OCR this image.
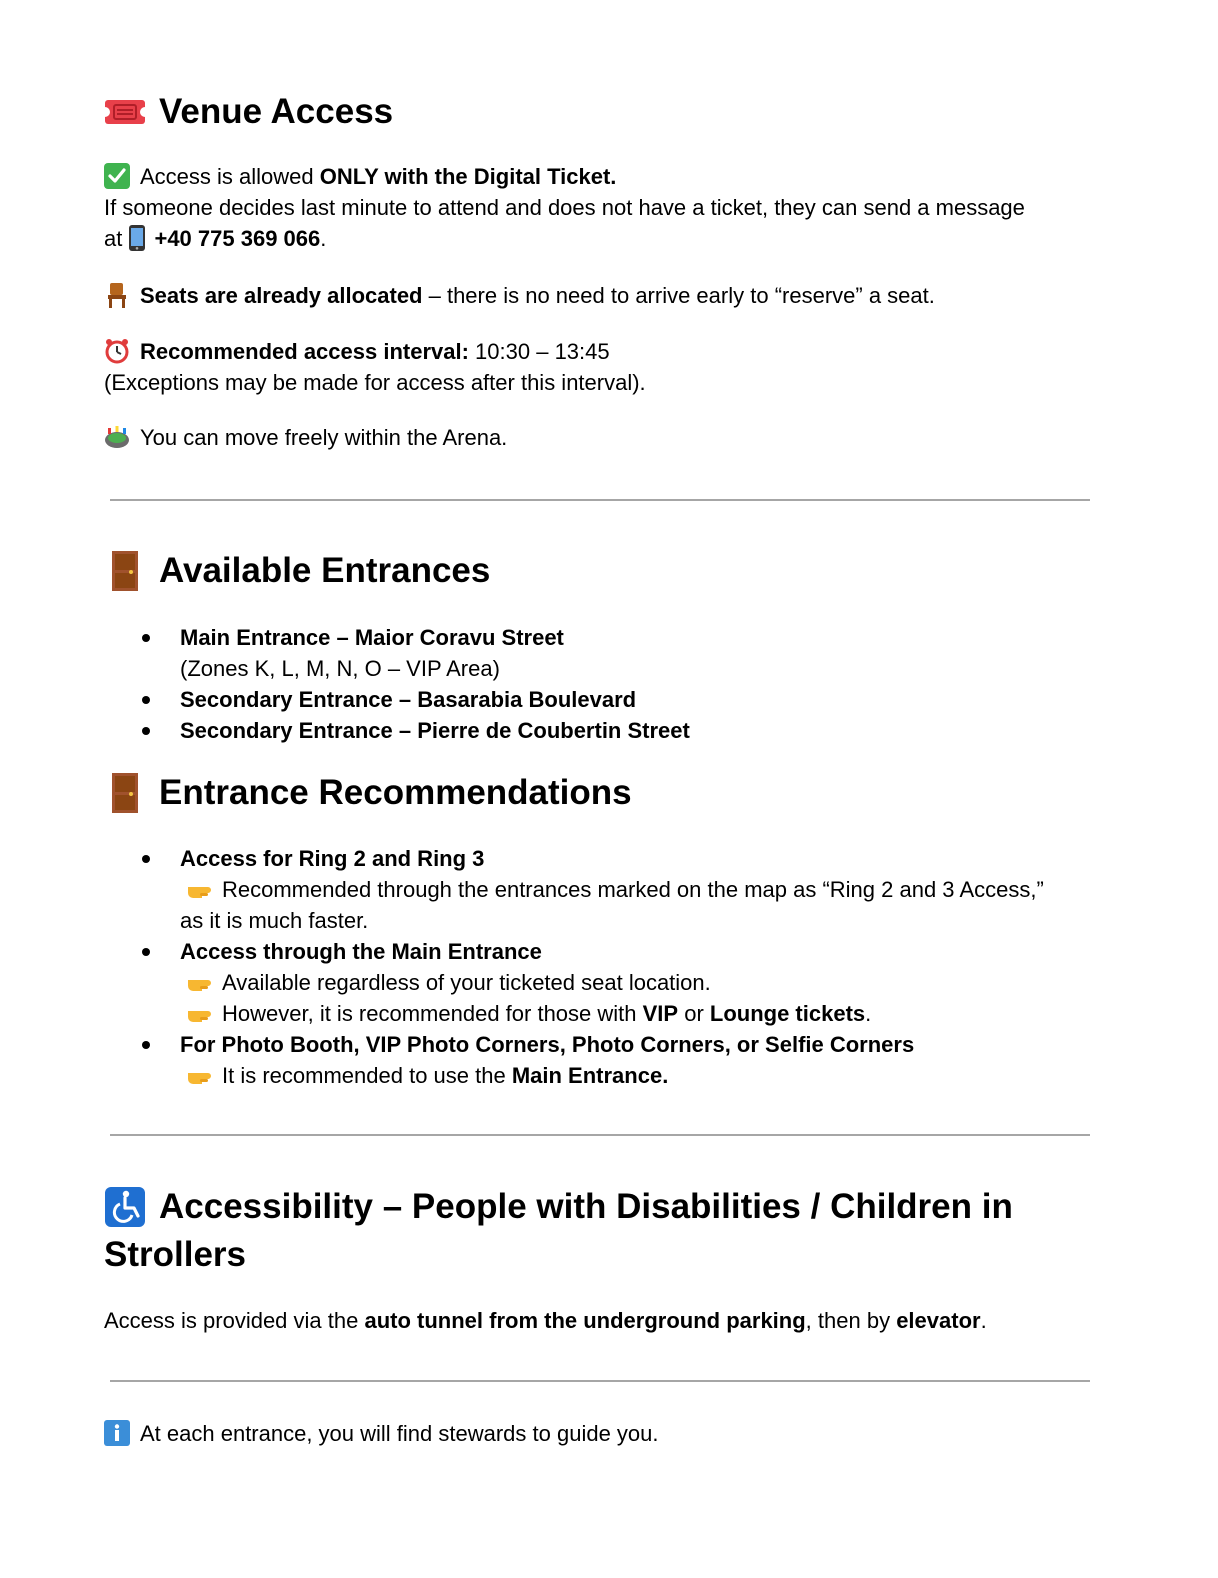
Venue Access
Access is allowed ONLY with the Digital Ticket.
If someone decides last minute to attend and does not have a ticket, they can send a message
at
+40 775 369 066.
Seats are already allocated – there is no need to arrive early to “reserve” a seat.
Recommended access interval: 10:30 – 13:45
(Exceptions may be made for access after this interval).
You can move freely within the Arena.
Available Entrances
Main Entrance – Maior Coravu Street
(Zones K, L, M, N, O – VIP Area)
Secondary Entrance – Basarabia Boulevard
Secondary Entrance – Pierre de Coubertin Street
Entrance Recommendations
Access for Ring 2 and Ring 3
Recommended through the entrances marked on the map as “Ring 2 and 3 Access,”
as it is much faster.
Access through the Main Entrance
Available regardless of your ticketed seat location.
However, it is recommended for those with VIP or Lounge tickets.
For Photo Booth, VIP Photo Corners, Photo Corners, or Selfie Corners
It is recommended to use the Main Entrance.
Accessibility – People with Disabilities / Children in
Strollers
Access is provided via the auto tunnel from the underground parking, then by elevator.
At each entrance, you will find stewards to guide you.
